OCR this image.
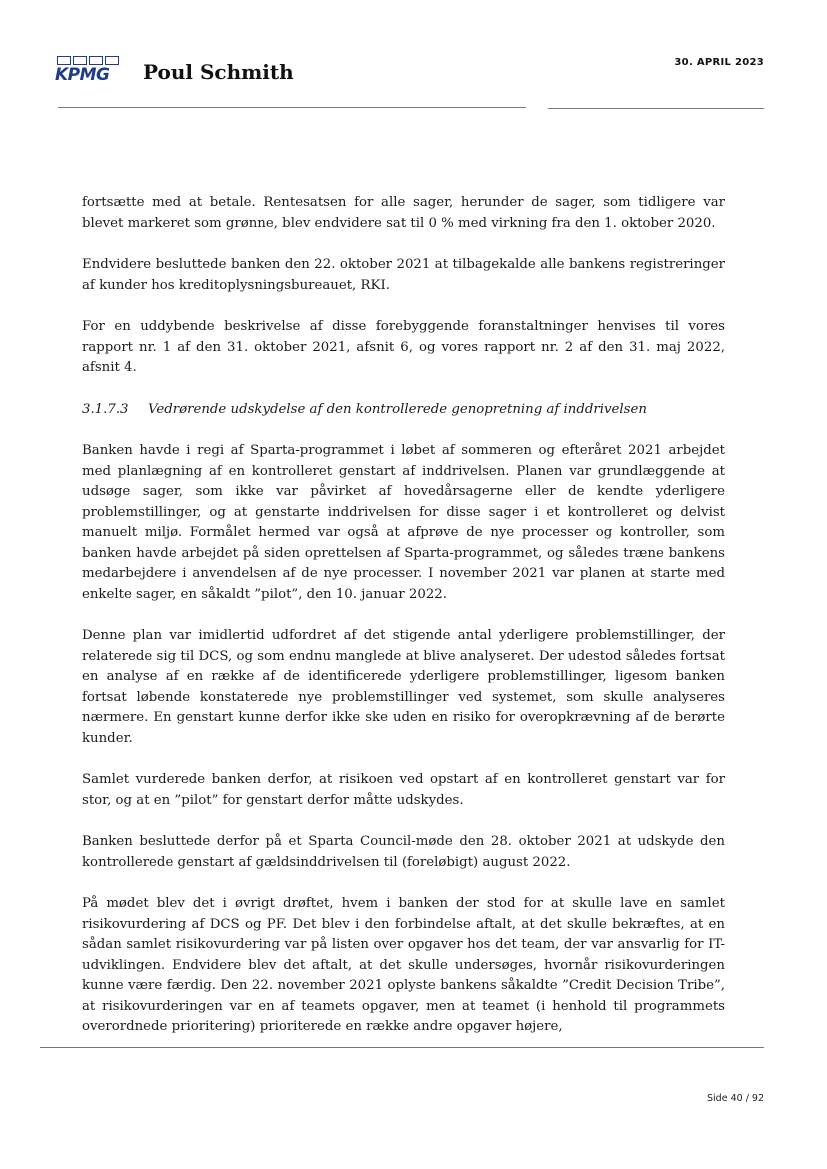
KPMG Poul Schmith	30. APRIL 2023

fortsætte med at betale. Rentesatsen for alle sager, herunder de sager, som tidligere var blevet markeret som grønne, blev endvidere sat til 0 % med virkning fra den 1. oktober 2020.

Endvidere besluttede banken den 22. oktober 2021 at tilbagekalde alle bankens registreringer af kunder hos kreditoplysningsbureauet, RKI.

For en uddybende beskrivelse af disse forebyggende foranstaltninger henvises til vores rapport nr. 1 af den 31. oktober 2021, afsnit 6, og vores rapport nr. 2 af den 31. maj 2022, afsnit 4.

3.1.7.3 Vedrørende udskydelse af den kontrollerede genopretning af inddrivelsen

Banken havde i regi af Sparta-programmet i løbet af sommeren og efteråret 2021 arbejdet med planlægning af en kontrolleret genstart af inddrivelsen. Planen var grundlæggende at udsøge sager, som ikke var påvirket af hovedårsagerne eller de kendte yderligere problemstillinger, og at genstarte inddrivelsen for disse sager i et kontrolleret og delvist manuelt miljø. Formålet hermed var også at afprøve de nye processer og kontroller, som banken havde arbejdet på siden oprettelsen af Sparta-programmet, og således træne bankens medarbejdere i anvendelsen af de nye processer. I november 2021 var planen at starte med enkelte sager, en såkaldt ”pilot”, den 10. januar 2022.

Denne plan var imidlertid udfordret af det stigende antal yderligere problemstillinger, der relaterede sig til DCS, og som endnu manglede at blive analyseret. Der udestod således fortsat en analyse af en række af de identificerede yderligere problemstillinger, ligesom banken fortsat løbende konstaterede nye problemstillinger ved systemet, som skulle analyseres nærmere. En genstart kunne derfor ikke ske uden en risiko for overopkrævning af de berørte kunder.

Samlet vurderede banken derfor, at risikoen ved opstart af en kontrolleret genstart var for stor, og at en ”pilot” for genstart derfor måtte udskydes.

Banken besluttede derfor på et Sparta Council-møde den 28. oktober 2021 at udskyde den kontrollerede genstart af gældsinddrivelsen til (foreløbigt) august 2022.

På mødet blev det i øvrigt drøftet, hvem i banken der stod for at skulle lave en samlet risikovurdering af DCS og PF. Det blev i den forbindelse aftalt, at det skulle bekræftes, at en sådan samlet risikovurdering var på listen over opgaver hos det team, der var ansvarlig for IT-udviklingen. Endvidere blev det aftalt, at det skulle undersøges, hvornår risikovurderingen kunne være færdig. Den 22. november 2021 oplyste bankens såkaldte ”Credit Decision Tribe”, at risikovurderingen var en af teamets opgaver, men at teamet (i henhold til programmets overordnede prioritering) prioriterede en række andre opgaver højere,

Side 40 / 92
